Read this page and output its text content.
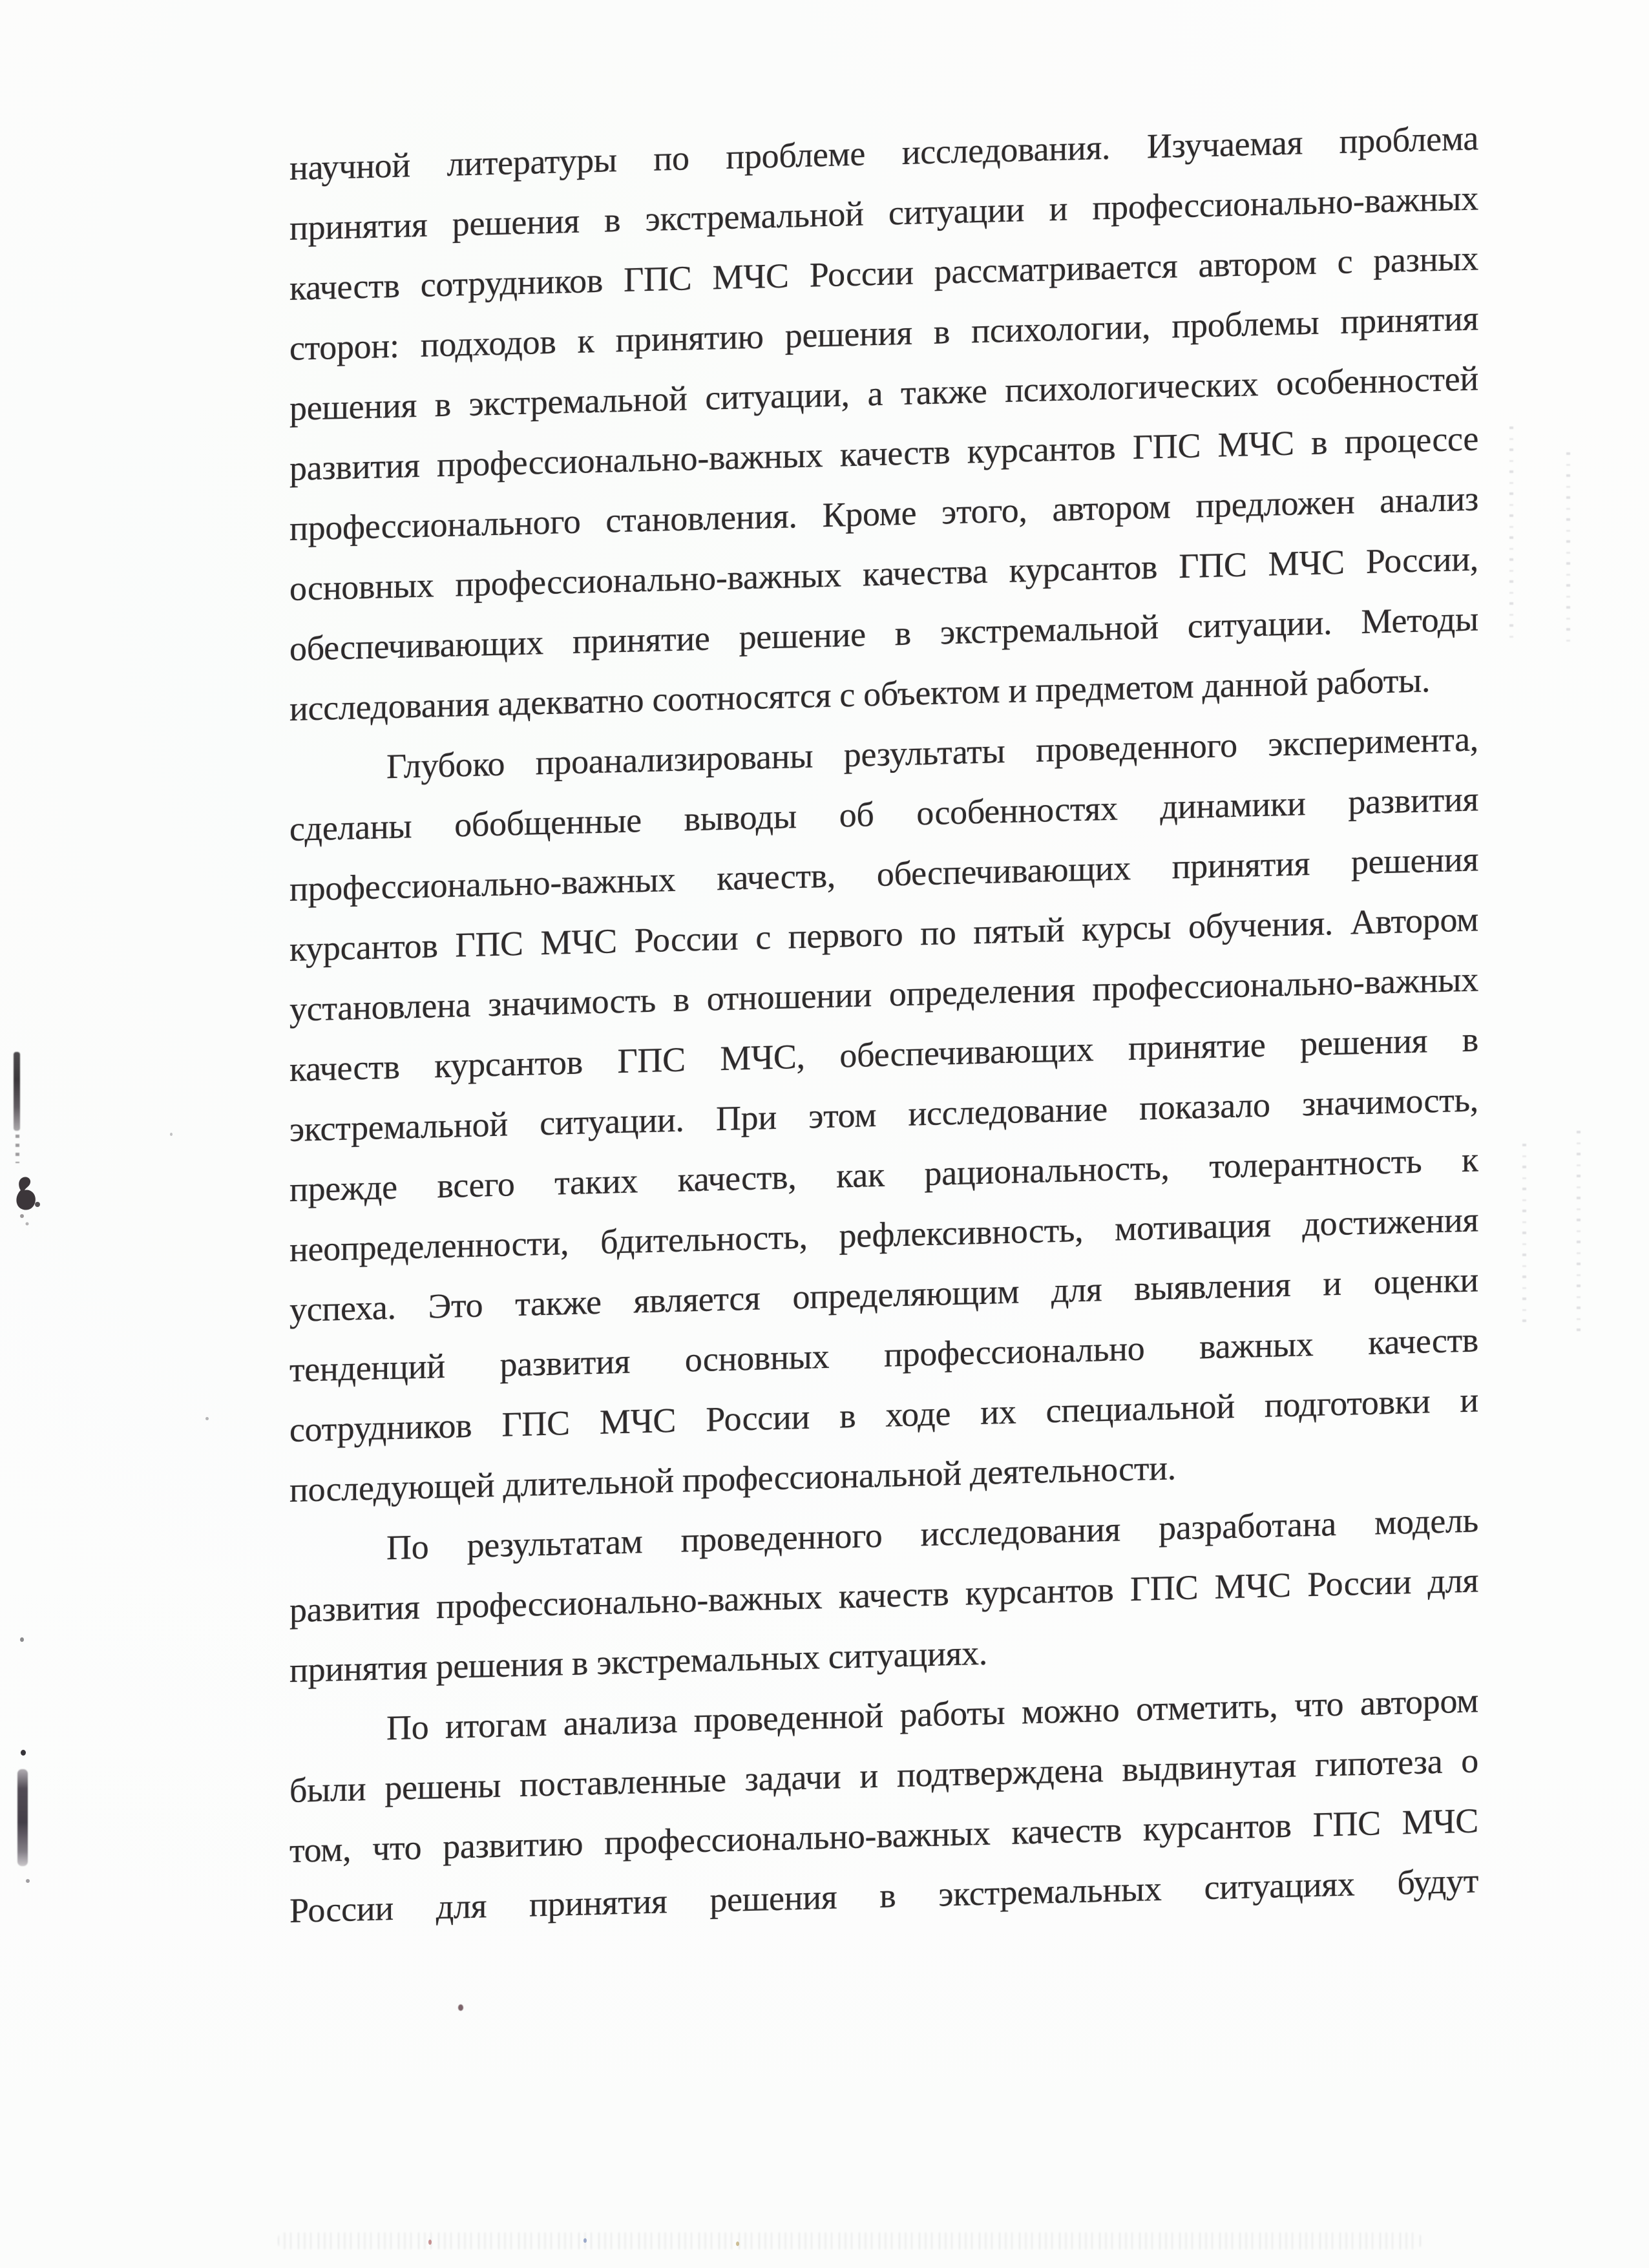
научной литературы по проблеме исследования. Изучаемая проблема
принятия решения в экстремальной ситуации и профессионально-важных
качеств сотрудников ГПС МЧС России рассматривается автором с разных
сторон: подходов к принятию решения в психологии, проблемы принятия
решения в экстремальной ситуации, а также психологических особенностей
развития профессионально-важных качеств курсантов ГПС МЧС в процессе
профессионального становления. Кроме этого, автором предложен анализ
основных профессионально-важных качества курсантов ГПС МЧС России,
обеспечивающих принятие решение в экстремальной ситуации. Методы
исследования адекватно соотносятся с объектом и предметом данной работы.
Глубоко проанализированы результаты проведенного эксперимента,
сделаны обобщенные выводы об особенностях динамики развития
профессионально-важных качеств, обеспечивающих принятия решения
курсантов ГПС МЧС России с первого по пятый курсы обучения. Автором
установлена значимость в отношении определения профессионально-важных
качеств курсантов ГПС МЧС, обеспечивающих принятие решения в
экстремальной ситуации. При этом исследование показало значимость,
прежде всего таких качеств, как рациональность, толерантность к
неопределенности, бдительность, рефлексивность, мотивация достижения
успеха. Это также является определяющим для выявления и оценки
тенденций развития основных профессионально важных качеств
сотрудников ГПС МЧС России в ходе их специальной подготовки и
последующей длительной профессиональной деятельности.
По результатам проведенного исследования разработана модель
развития профессионально-важных качеств курсантов ГПС МЧС России для
принятия решения в экстремальных ситуациях.
По итогам анализа проведенной работы можно отметить, что автором
были решены поставленные задачи и подтверждена выдвинутая гипотеза о
том, что развитию профессионально-важных качеств курсантов ГПС МЧС
России для принятия решения в экстремальных ситуациях будут
